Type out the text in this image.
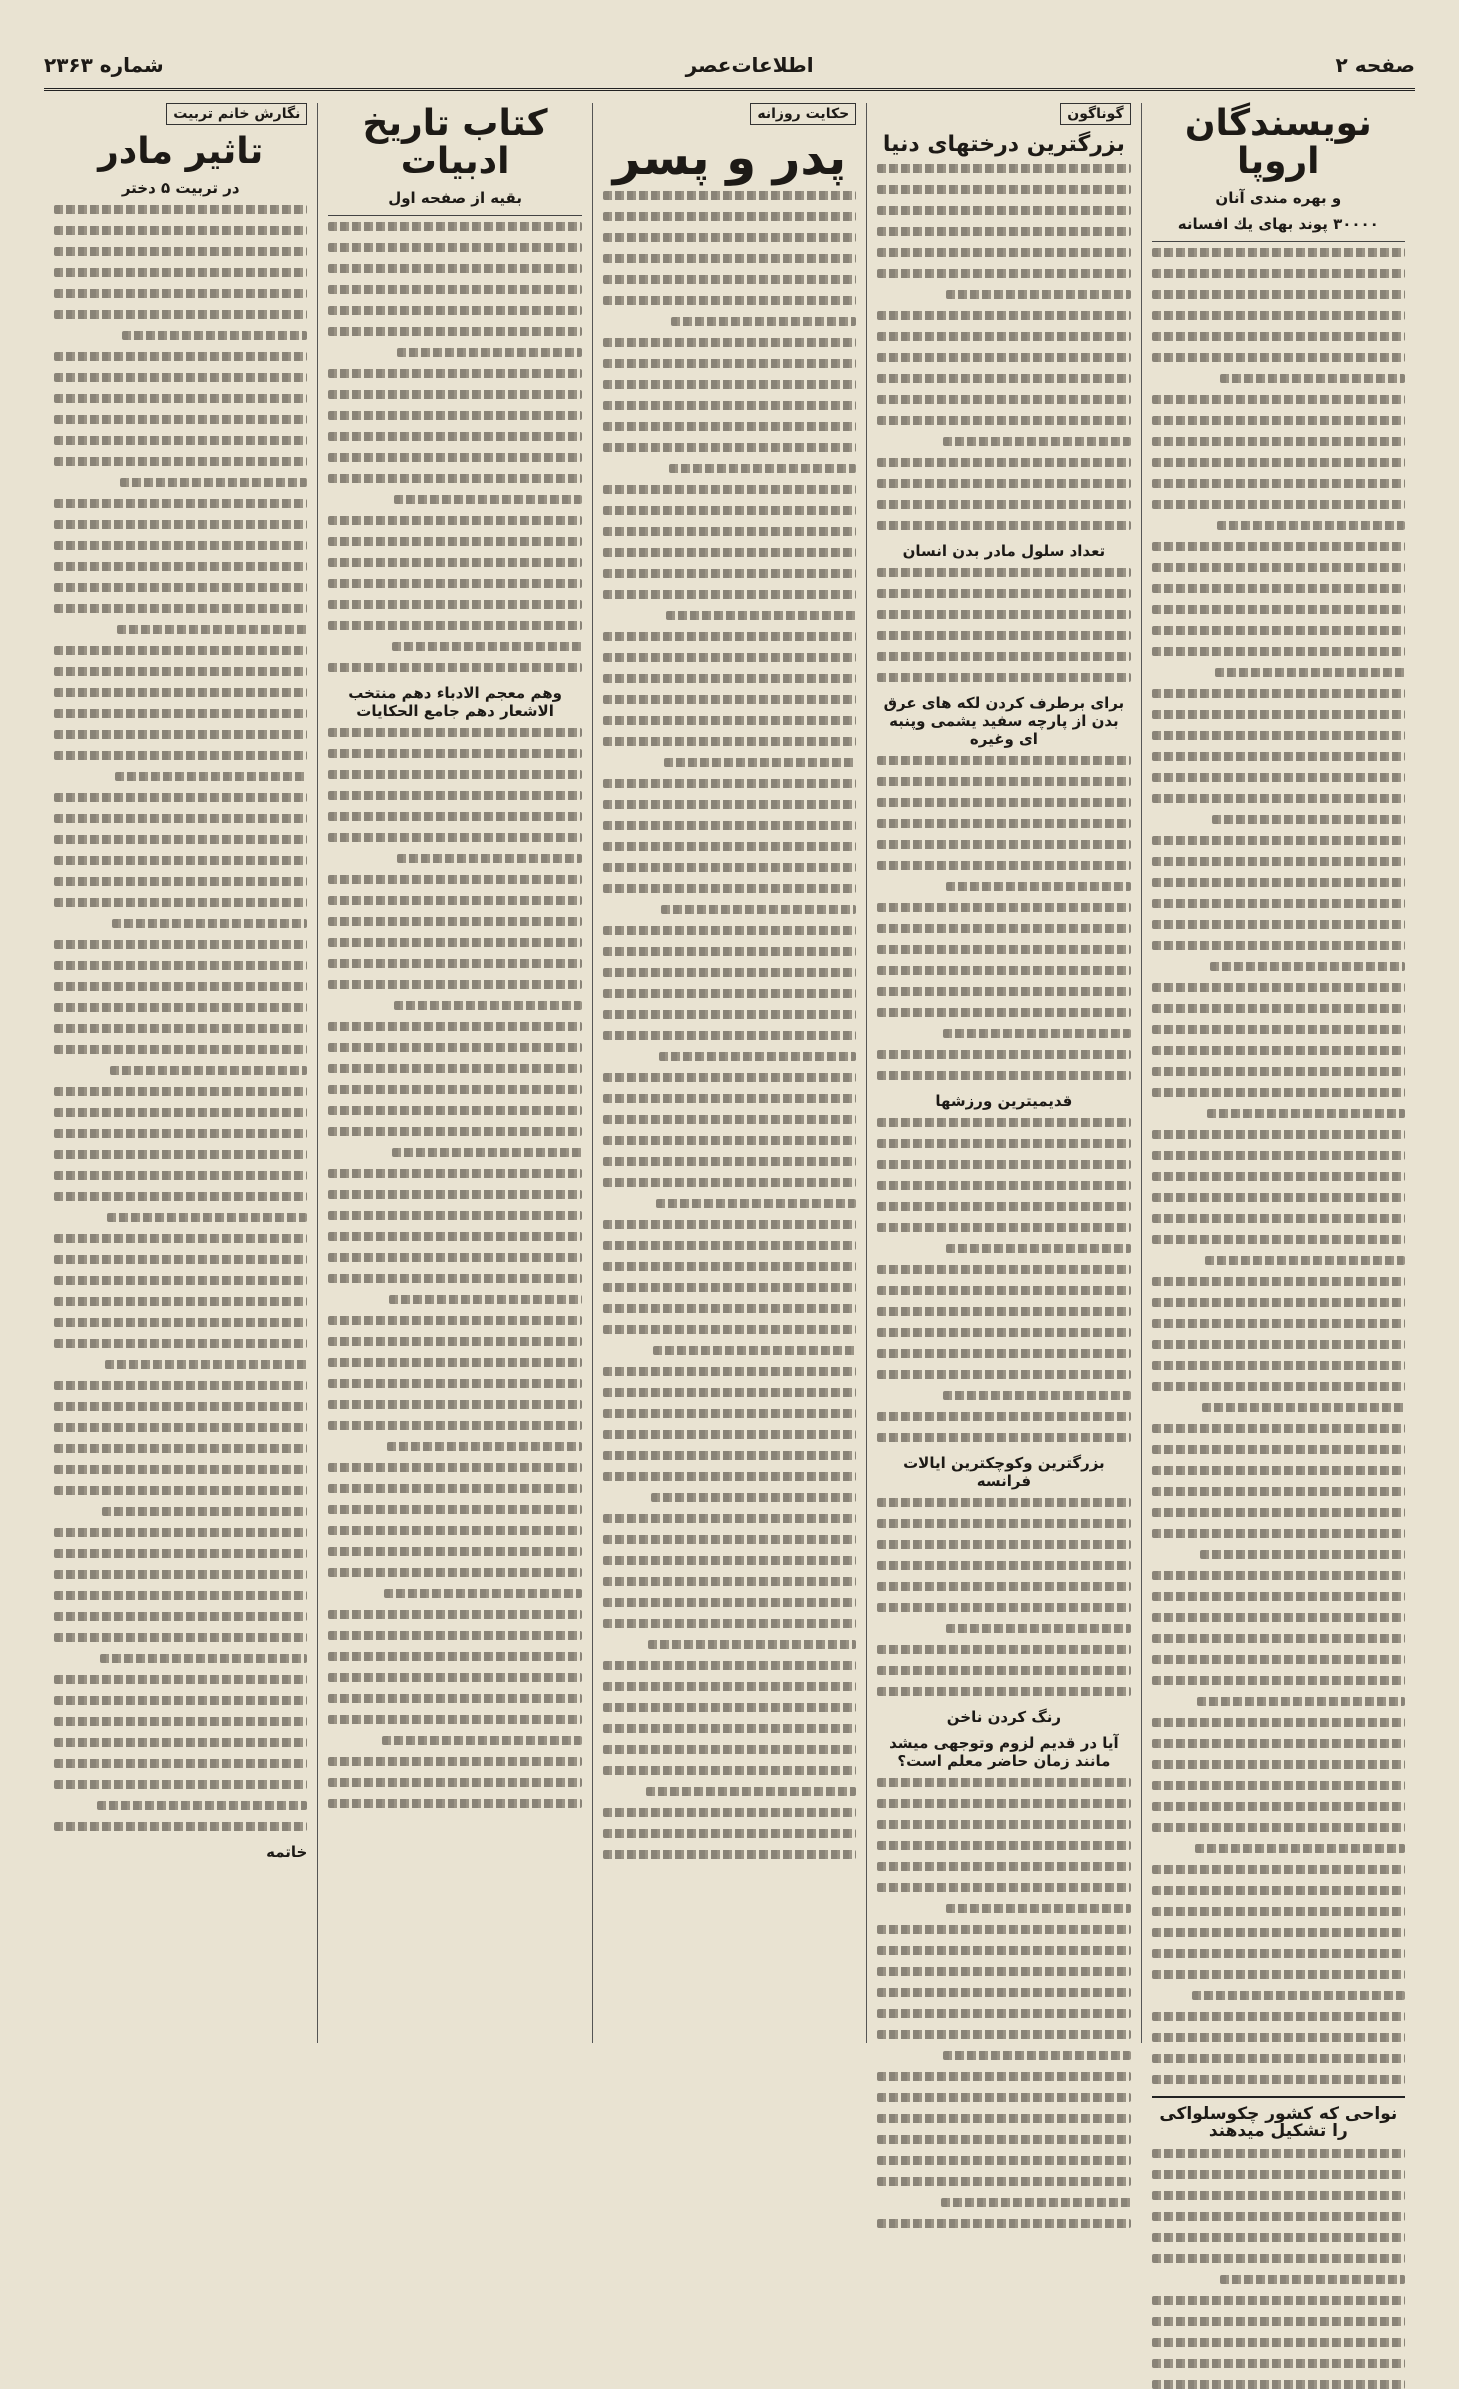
صفحه ۲
اطلاعات‌عصر
شماره ۲۳۶۳
نویسندگان اروپا
و بهره مندی آنان
۳۰۰۰۰ پوند بهای یك افسانه
نواحی که کشور چکوسلواکی را تشکیل میدهند
گوناگون
بزرگترین درختهای دنیا
تعداد سلول مادر بدن انسان
برای برطرف کردن لکه های عرق بدن از پارچه سفید یشمی وپنبه ای وغیره
قدیمیترین ورزشها
بزرگترین وکوچکترین ایالات فرانسه
رنگ کردن ناخن
آیا در قدیم لزوم وتوجهی میشد مانند زمان حاضر معلم است؟
حکایت روزانه
پدر و پسر
کتاب تاریخ ادبیات
بقیه از صفحه اول
وهم معجم الادباء دهم منتخب الاشعار دهم جامع الحکایات
نگارش خانم تربیت
تاثیر مادر
در تربیت ۵ دختر
خاتمه
